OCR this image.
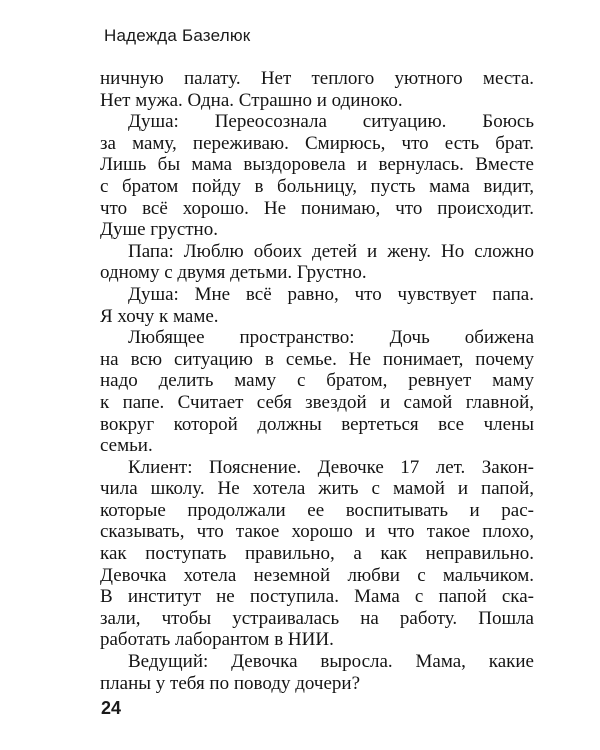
Надежда Базелюк
ничную палату. Нет теплого уютного места.
Нет мужа. Одна. Страшно и одиноко.
Душа: Переосознала ситуацию. Боюсь
за маму, переживаю. Смирюсь, что есть брат.
Лишь бы мама выздоровела и вернулась. Вместе
с братом пойду в больницу, пусть мама видит,
что всё хорошо. Не понимаю, что происходит.
Душе грустно.
Папа: Люблю обоих детей и жену. Но сложно
одному с двумя детьми. Грустно.
Душа: Мне всё равно, что чувствует папа.
Я хочу к маме.
Любящее пространство: Дочь обижена
на всю ситуацию в семье. Не понимает, почему
надо делить маму с братом, ревнует маму
к папе. Считает себя звездой и самой главной,
вокруг которой должны вертеться все члены
семьи.
Клиент: Пояснение. Девочке 17 лет. Закон-
чила школу. Не хотела жить с мамой и папой,
которые продолжали ее воспитывать и рас-
сказывать, что такое хорошо и что такое плохо,
как поступать правильно, а как неправильно.
Девочка хотела неземной любви с мальчиком.
В институт не поступила. Мама с папой ска-
зали, чтобы устраивалась на работу. Пошла
работать лаборантом в НИИ.
Ведущий: Девочка выросла. Мама, какие
планы у тебя по поводу дочери?
24
